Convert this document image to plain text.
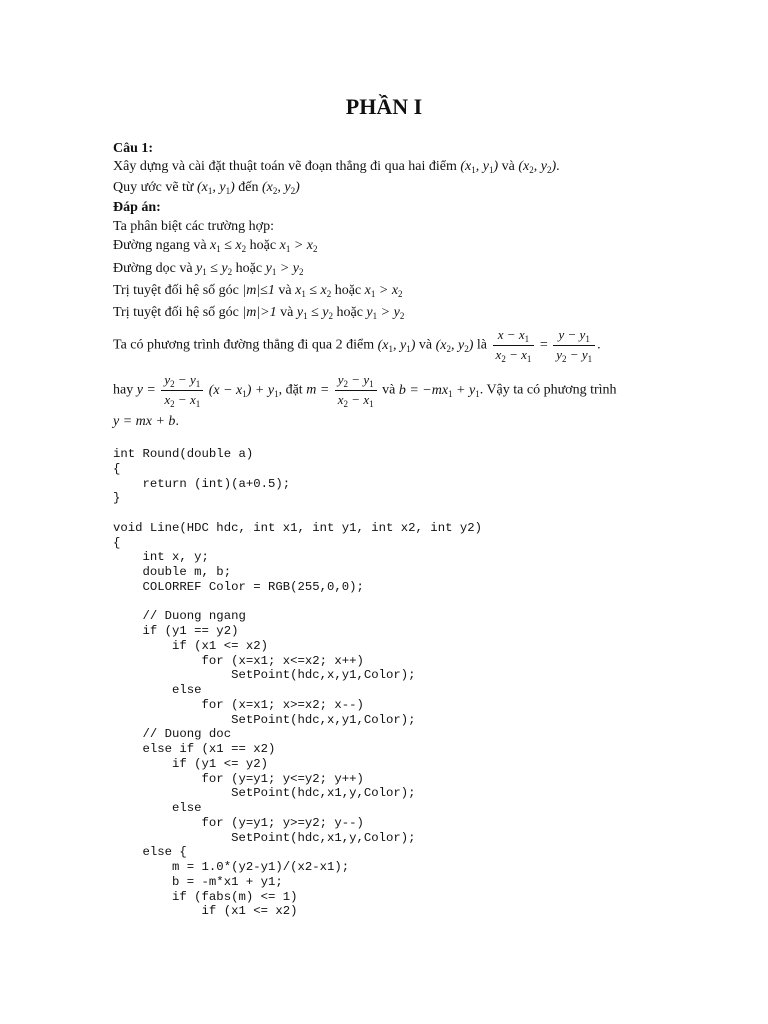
PHẦN I
Câu 1:
Xây dựng và cài đặt thuật toán vẽ đoạn thẳng đi qua hai điểm ($x_1$, $y_1$) và ($x_2$, $y_2$).
Quy ước vẽ từ ($x_1$, $y_1$) đến ($x_2$, $y_2$)
Đáp án:
Ta phân biệt các trường hợp:
Đường ngang và $x_1 \le x_2$ hoặc $x_1 > x_2$
Đường dọc và $y_1 \le y_2$ hoặc $y_1 > y_2$
Trị tuyệt đối hệ số góc |m|≤1 và $x_1 \le x_2$ hoặc $x_1 > x_2$
Trị tuyệt đối hệ số góc |m|>1 và $y_1 \le y_2$ hoặc $y_1 > y_2$
Ta có phương trình đường thẳng đi qua 2 điểm ($x_1$, $y_1$) và ($x_2$, $y_2$) là $\frac{x - x_1}{x_2 - x_1} = \frac{y - y_1}{y_2 - y_1}$ .
hay $y = \frac{y_2 - y_1}{x_2 - x_1} (x - x_1) + y_1$, đặt $m = \frac{y_2 - y_1}{x_2 - x_1}$ và $b = -mx_1 + y_1$. Vậy ta có phương trình
y = mx + b.
int Round(double a)
{
return (int)(a+0.5);
}

void Line(HDC hdc, int x1, int y1, int x2, int y2)
{
int x, y;
double m, b;
COLORREF Color = RGB(255,0,0);

// Duong ngang
if (y1 == y2)
if (x1 <= x2)
for (x=x1; x<=x2; x++)
SetPoint(hdc,x,y1,Color);
else
for (x=x1; x>=x2; x--)
SetPoint(hdc,x,y1,Color);
// Duong doc
else if (x1 == x2)
if (y1 <= y2)
for (y=y1; y<=y2; y++)
SetPoint(hdc,x1,y,Color);
else
for (y=y1; y>=y2; y--)
SetPoint(hdc,x1,y,Color);
else {
m = 1.0*(y2-y1)/(x2-x1);
b = -m*x1 + y1;
if (fabs(m) <= 1)
if (x1 <= x2)
